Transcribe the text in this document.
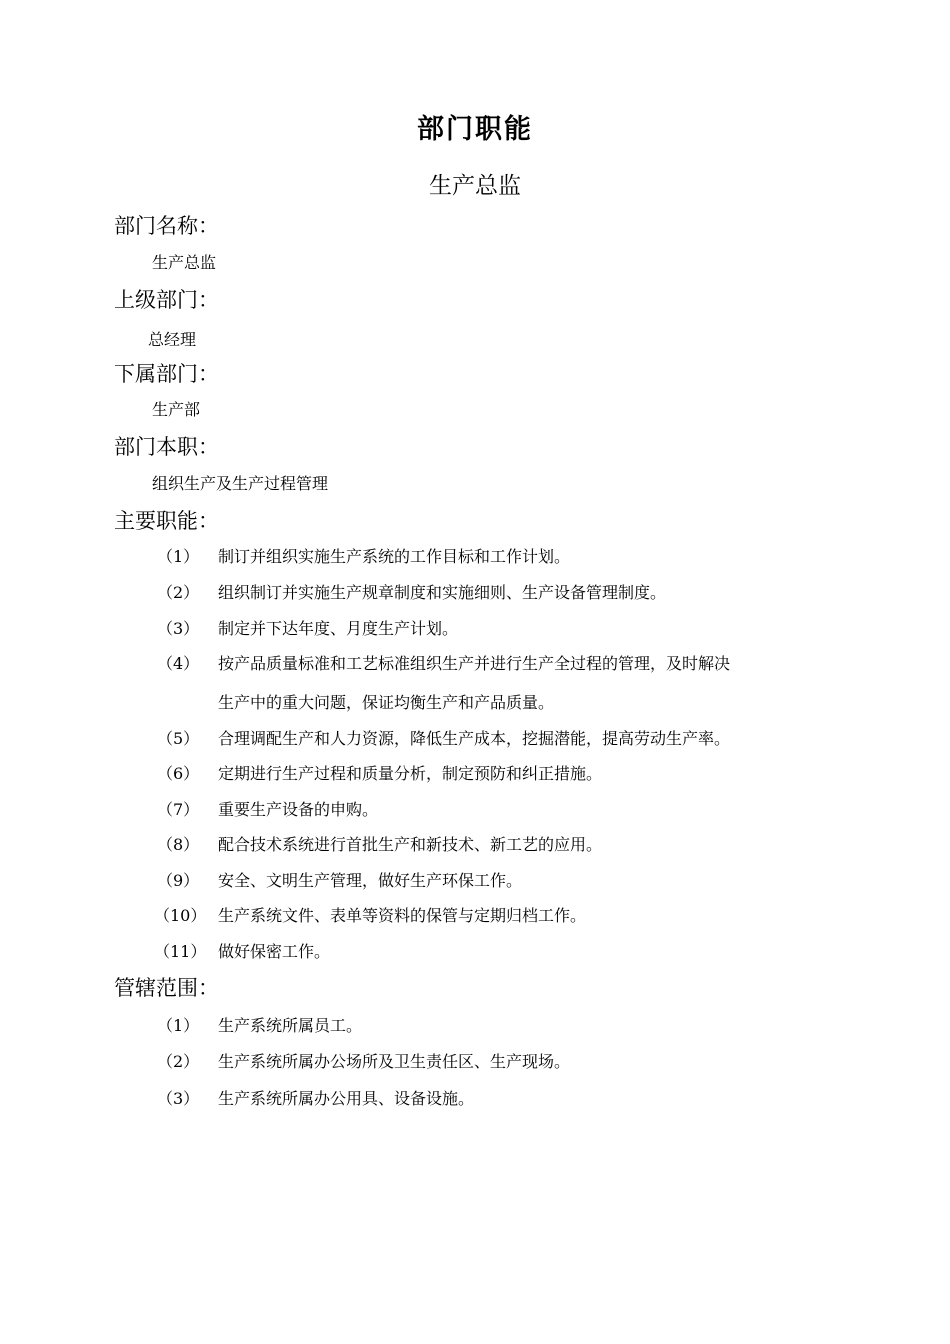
部门职能
生产总监
部门名称：
生产总监
上级部门：
总经理
下属部门：
生产部
部门本职：
组织生产及生产过程管理
主要职能：
（1） 制订并组织实施生产系统的工作目标和工作计划。
（2） 组织制订并实施生产规章制度和实施细则、生产设备管理制度。
（3） 制定并下达年度、月度生产计划。
（4） 按产品质量标准和工艺标准组织生产并进行生产全过程的管理，及时解决
生产中的重大问题，保证均衡生产和产品质量。
（5） 合理调配生产和人力资源，降低生产成本，挖掘潜能，提高劳动生产率。
（6） 定期进行生产过程和质量分析，制定预防和纠正措施。
（7） 重要生产设备的申购。
（8） 配合技术系统进行首批生产和新技术、新工艺的应用。
（9） 安全、文明生产管理，做好生产环保工作。
（10） 生产系统文件、表单等资料的保管与定期归档工作。
（11） 做好保密工作。
管辖范围：
（1） 生产系统所属员工。
（2） 生产系统所属办公场所及卫生责任区、生产现场。
（3） 生产系统所属办公用具、设备设施。
